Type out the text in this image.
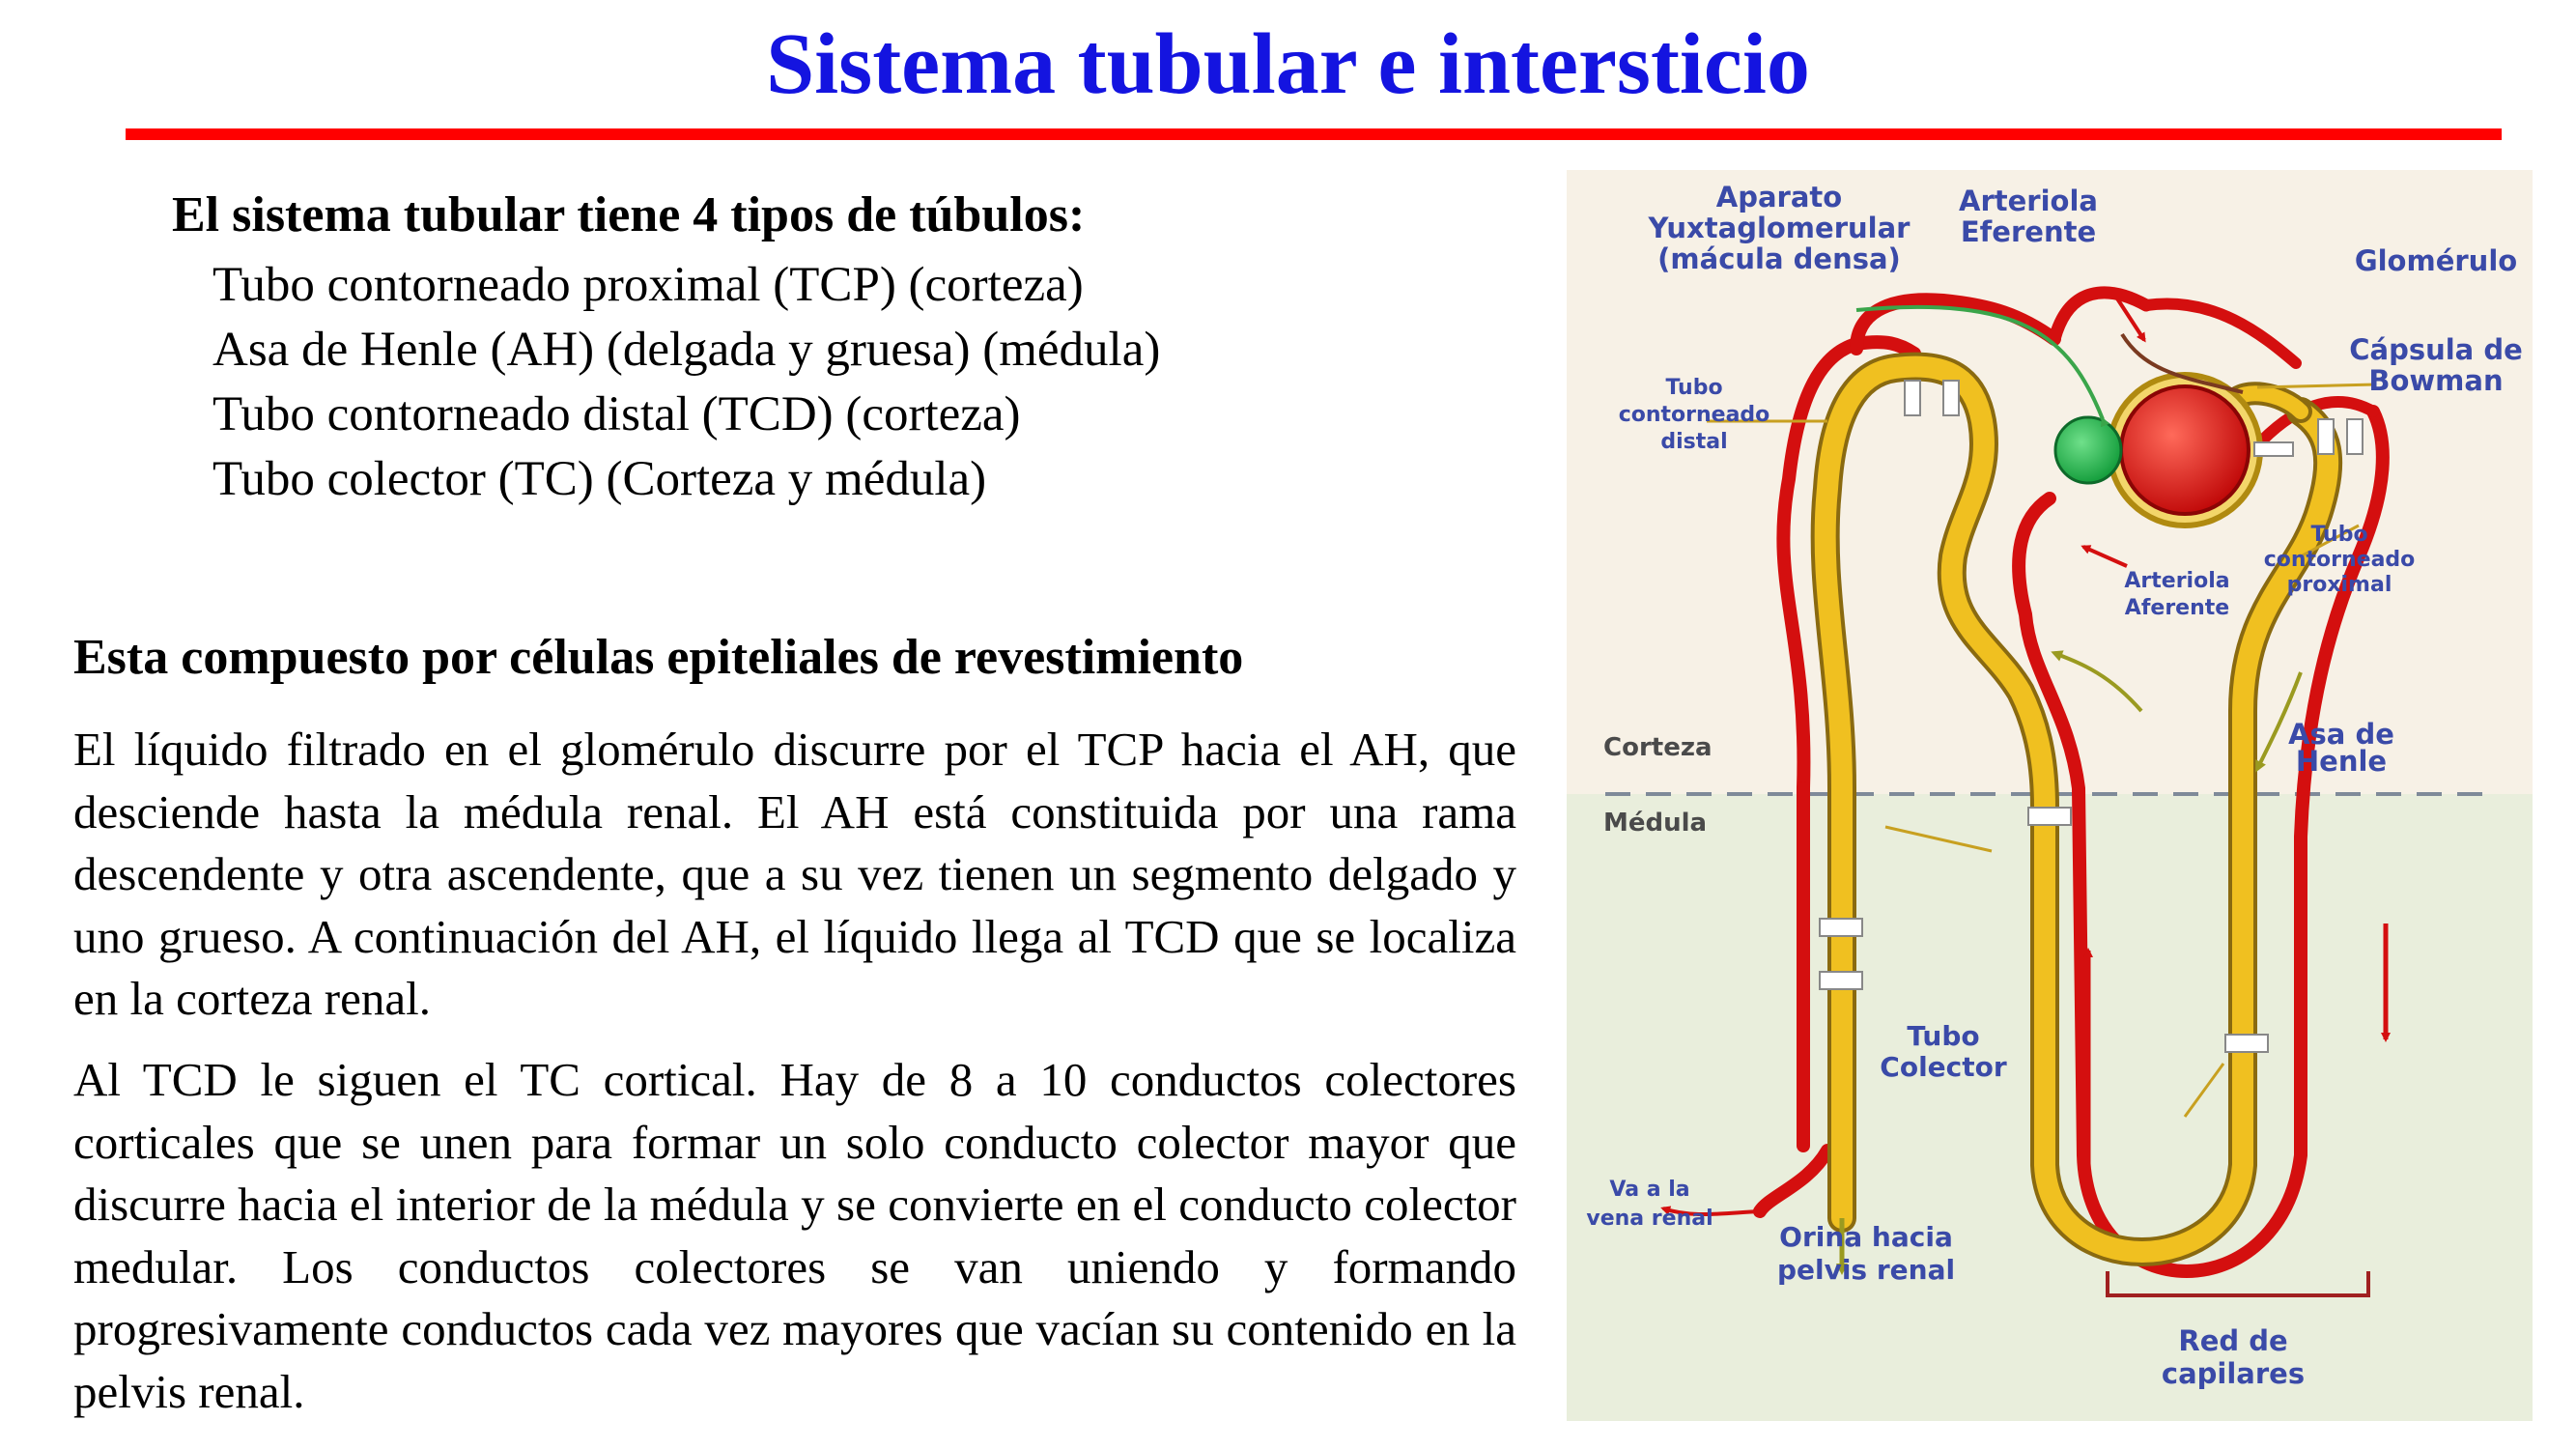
Sistema tubular e intersticio
El sistema tubular tiene 4 tipos de túbulos:
Tubo contorneado proximal (TCP) (corteza)
Asa de Henle (AH) (delgada y gruesa) (médula)
Tubo contorneado distal (TCD) (corteza)
Tubo colector (TC) (Corteza y médula)
Esta compuesto por células epiteliales de revestimiento

El líquido filtrado en el glomérulo discurre por el TCP hacia el AH, que desciende hasta la médula renal. El AH está constituida por una rama descendente y otra ascendente, que a su vez tienen un segmento delgado y uno grueso. A continuación del AH, el líquido llega al TCD que se localiza en la corteza renal.

Al TCD le siguen el TC cortical. Hay de 8 a 10 conductos colectores corticales que se unen para formar un solo conducto colector mayor que discurre hacia el interior de la médula y se convierte en el conducto colector medular. Los conductos colectores se van uniendo y formando progresivamente conductos cada vez mayores que vacían su contenido en la pelvis renal.

Aparato
Yuxtaglomerular
(mácula densa)
Arteriola
Eferente
Glomérulo
Cápsula de
Bowman
Asa de
Henle
Red de
capilares
Tubo
contorneado
distal
Tubo
contorneado
proximal
Arteriola
Aferente
Va a la
vena renal
Tubo
Colector
Orina hacia
pelvis renal
Corteza
Médula
